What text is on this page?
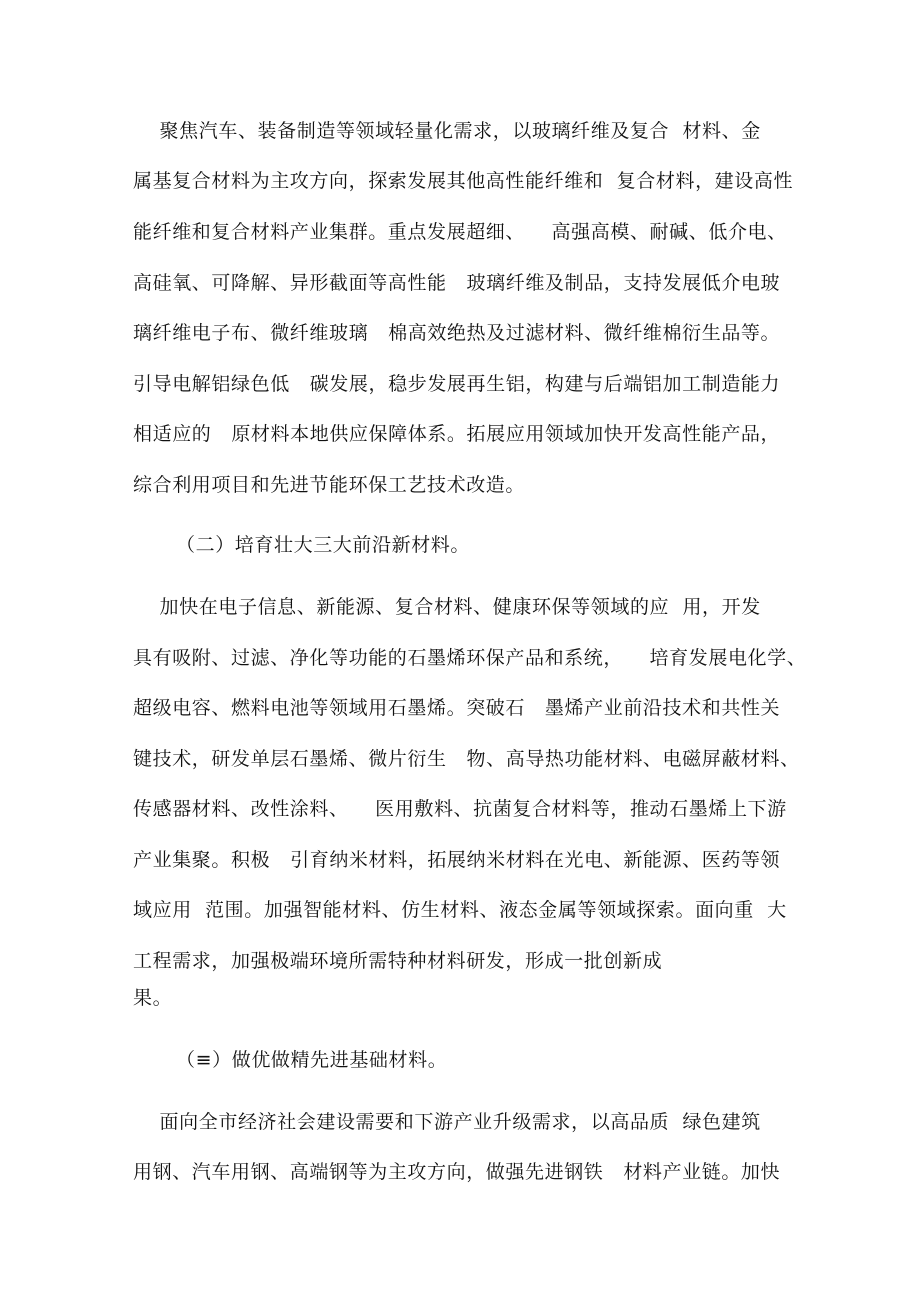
聚焦汽车、装备制造等领域轻量化需求，以玻璃纤维及复合  材料、金
属基复合材料为主攻方向，探索发展其他高性能纤维和  复合材料，建设高性
能纤维和复合材料产业集群。重点发展超细、    高强高模、耐碱、低介电、
高硅氧、可降解、异形截面等高性能   玻璃纤维及制品，支持发展低介电玻
璃纤维电子布、微纤维玻璃   棉高效绝热及过滤材料、微纤维棉衍生品等。
引导电解铝绿色低   碳发展，稳步发展再生铝，构建与后端铝加工制造能力
相适应的   原材料本地供应保障体系。拓展应用领域加快开发高性能产品，
综合利用项目和先进节能环保工艺技术改造。
（二）培育壮大三大前沿新材料。
加快在电子信息、新能源、复合材料、健康环保等领域的应  用，开发
具有吸附、过滤、净化等功能的石墨烯环保产品和系统，    培育发展电化学、
超级电容、燃料电池等领域用石墨烯。突破石   墨烯产业前沿技术和共性关
键技术，研发单层石墨烯、微片衍生   物、高导热功能材料、电磁屏蔽材料、
传感器材料、改性涂料、    医用敷料、抗菌复合材料等，推动石墨烯上下游
产业集聚。积极   引育纳米材料，拓展纳米材料在光电、新能源、医药等领
域应用  范围。加强智能材料、仿生材料、液态金属等领域探索。面向重  大
工程需求，加强极端环境所需特种材料研发，形成一批创新成
果。
（≡）做优做精先进基础材料。
面向全市经济社会建设需要和下游产业升级需求，以高品质  绿色建筑
用钢、汽车用钢、高端钢等为主攻方向，做强先进钢铁   材料产业链。加快
